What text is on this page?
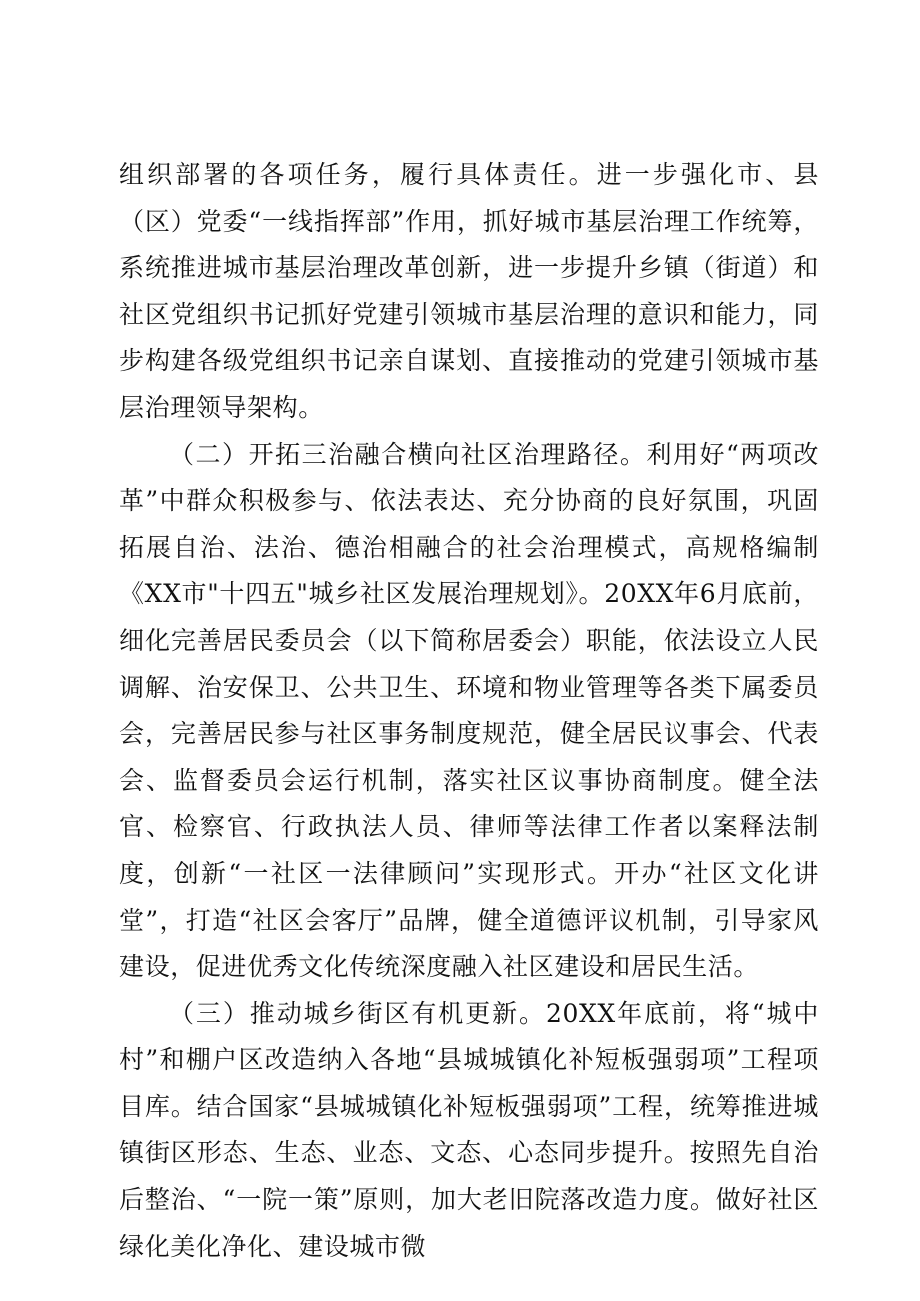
组织部署的各项任务，履行具体责任。进一步强化市、县（区）党委“一线指挥部”作用，抓好城市基层治理工作统筹，系统推进城市基层治理改革创新，进一步提升乡镇（街道）和社区党组织书记抓好党建引领城市基层治理的意识和能力，同步构建各级党组织书记亲自谋划、直接推动的党建引领城市基层治理领导架构。

（二）开拓三治融合横向社区治理路径。利用好“两项改革”中群众积极参与、依法表达、充分协商的良好氛围，巩固拓展自治、法治、德治相融合的社会治理模式，高规格编制《XX市"十四五"城乡社区发展治理规划》。20XX年6月底前，细化完善居民委员会（以下简称居委会）职能，依法设立人民调解、治安保卫、公共卫生、环境和物业管理等各类下属委员会，完善居民参与社区事务制度规范，健全居民议事会、代表会、监督委员会运行机制，落实社区议事协商制度。健全法官、检察官、行政执法人员、律师等法律工作者以案释法制度，创新“一社区一法律顾问”实现形式。开办“社区文化讲堂”，打造“社区会客厅”品牌，健全道德评议机制，引导家风建设，促进优秀文化传统深度融入社区建设和居民生活。

（三）推动城乡街区有机更新。20XX年底前，将“城中村”和棚户区改造纳入各地“县城城镇化补短板强弱项”工程项目库。结合国家“县城城镇化补短板强弱项”工程，统筹推进城镇街区形态、生态、业态、文态、心态同步提升。按照先自治后整治、“一院一策”原则，加大老旧院落改造力度。做好社区绿化美化净化、建设城市微
